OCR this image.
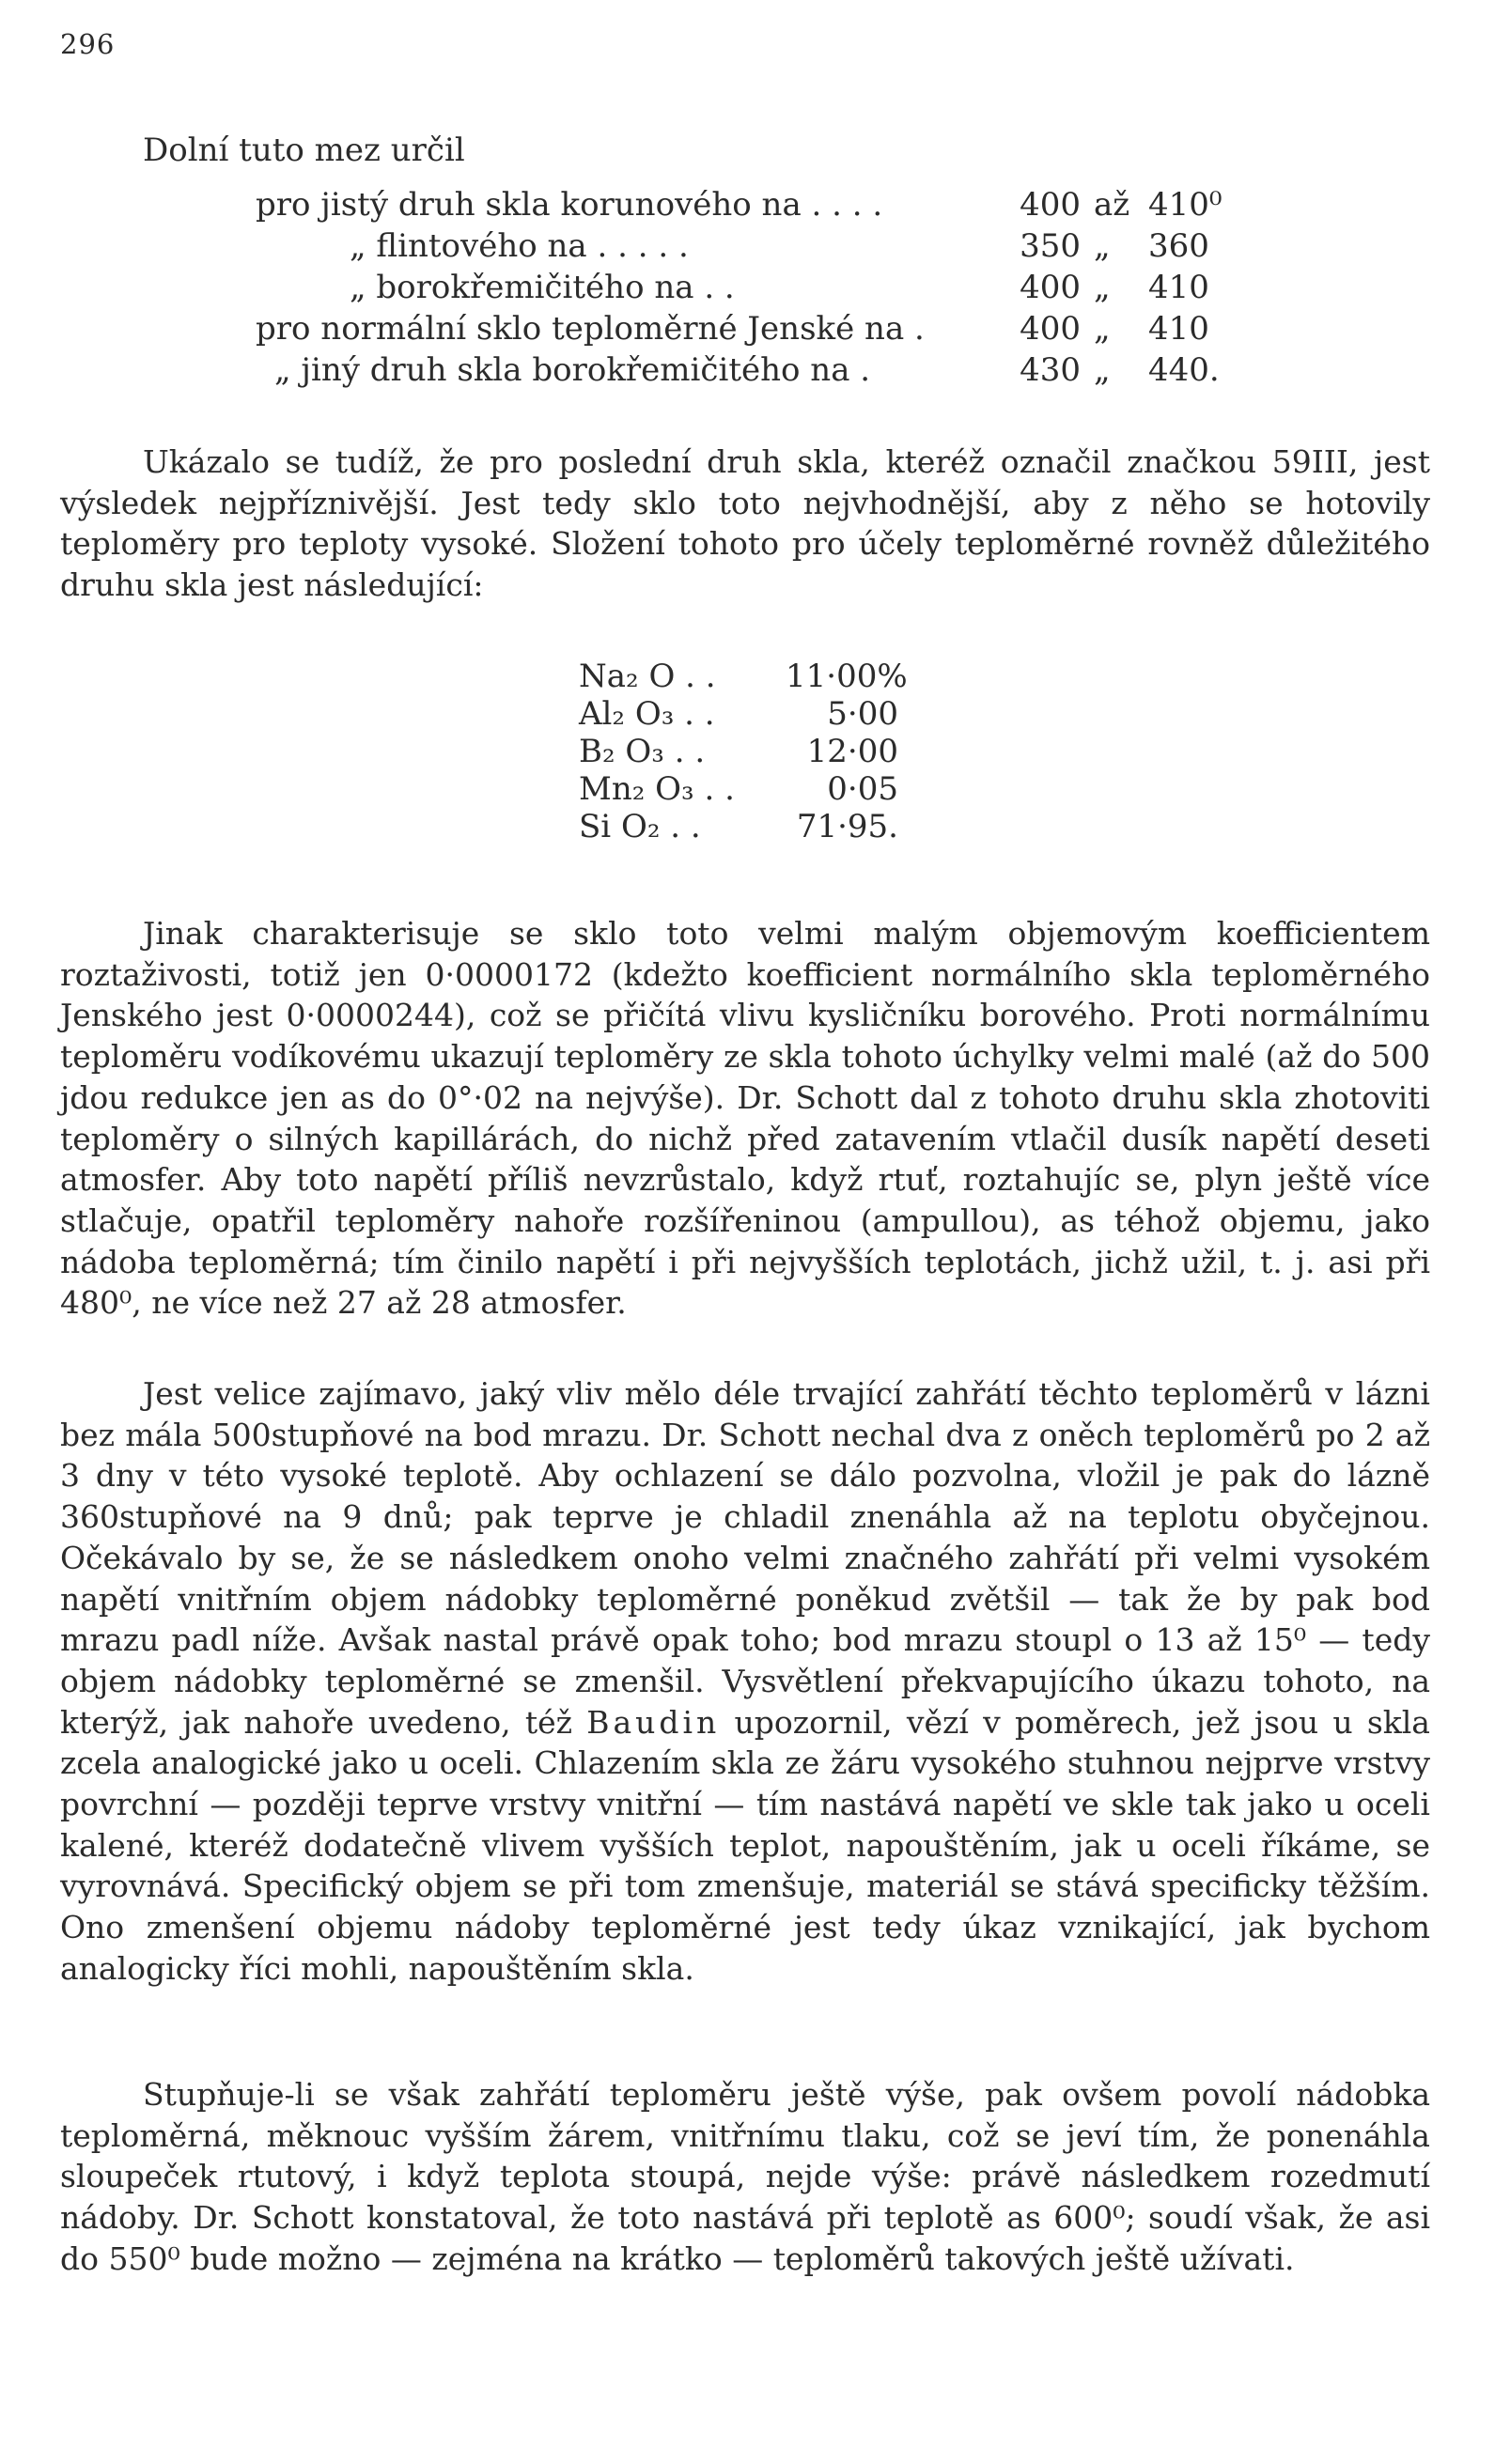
296
Dolní tuto mez určil
pro jistý druh skla korunového na . . . .	400 až 410⁰
„ flintového na . . . . .	350 „ 360
„ borokřemičitého na . .	400 „ 410
pro normální sklo teploměrné Jenské na .	400 „ 410
„ jiný druh skla borokřemičitého na .	430 „ 440.

Ukázalo se tudíž, že pro poslední druh skla, kteréž označil značkou 59III, jest výsledek nejpříznivější. Jest tedy sklo toto nejvhodnější, aby z něho se hotovily teploměry pro teploty vysoké. Složení tohoto pro účely teploměrné rovněž důležitého druhu skla jest následující:

Na₂ O . . 11·00%
Al₂ O₃ . .	5·00
B₂ O₃ . .	12·00
Mn₂ O₃ . .	0·05
Si O₂ . .	71·95.

Jinak charakterisuje se sklo toto velmi malým objemovým koefficientem roztaživosti, totiž jen 0·0000172 (kdežto koefficient normálního skla teploměrného Jenského jest 0·0000244), což se přičítá vlivu kysličníku borového. Proti normálnímu teploměru vodíkovému ukazují teploměry ze skla tohoto úchylky velmi malé (až do 500 jdou redukce jen as do 0°·02 na nejvýše). Dr. Schott dal z tohoto druhu skla zhotoviti teploměry o silných kapillárách, do nichž před zatavením vtlačil dusík napětí deseti atmosfer. Aby toto napětí příliš nevzrůstalo, když rtuť, roztahujíc se, plyn ještě více stlačuje, opatřil teploměry nahoře rozšířeninou (ampullou), as téhož objemu, jako nádoba teploměrná; tím činilo napětí i při nejvyšších teplotách, jichž užil, t. j. asi při 480⁰, ne více než 27 až 28 atmosfer.

Jest velice zajímavo, jaký vliv mělo déle trvající zahřátí těchto teploměrů v lázni bez mála 500stupňové na bod mrazu. Dr. Schott nechal dva z oněch teploměrů po 2 až 3 dny v této vysoké teplotě. Aby ochlazení se dálo pozvolna, vložil je pak do lázně 360stupňové na 9 dnů; pak teprve je chladil znenáhla až na teplotu obyčejnou. Očekávalo by se, že se následkem onoho velmi značného zahřátí při velmi vysokém napětí vnitřním objem nádobky teploměrné poněkud zvětšil — tak že by pak bod mrazu padl níže. Avšak nastal právě opak toho; bod mrazu stoupl o 13 až 15⁰ — tedy objem nádobky teploměrné se zmenšil. Vysvětlení překvapujícího úkazu tohoto, na kterýž, jak nahoře uvedeno, též Baudin upozornil, vězí v poměrech, jež jsou u skla zcela analogické jako u oceli. Chlazením skla ze žáru vysokého stuhnou nejprve vrstvy povrchní — později teprve vrstvy vnitřní — tím nastává napětí ve skle tak jako u oceli kalené, kteréž dodatečně vlivem vyšších teplot, napouštěním, jak u oceli říkáme, se vyrovnává. Specifický objem se při tom zmenšuje, materiál se stává specificky těžším. Ono zmenšení objemu nádoby teploměrné jest tedy úkaz vznikající, jak bychom analogicky říci mohli, napouštěním skla.

Stupňuje-li se však zahřátí teploměru ještě výše, pak ovšem povolí nádobka teploměrná, měknouc vyšším žárem, vnitřnímu tlaku, což se jeví tím, že ponenáhla sloupeček rtutový, i když teplota stoupá, nejde výše: právě následkem rozedmutí nádoby. Dr. Schott konstatoval, že toto nastává při teplotě as 600⁰; soudí však, že asi do 550⁰ bude možno — zejména na krátko — teploměrů takových ještě užívati.
